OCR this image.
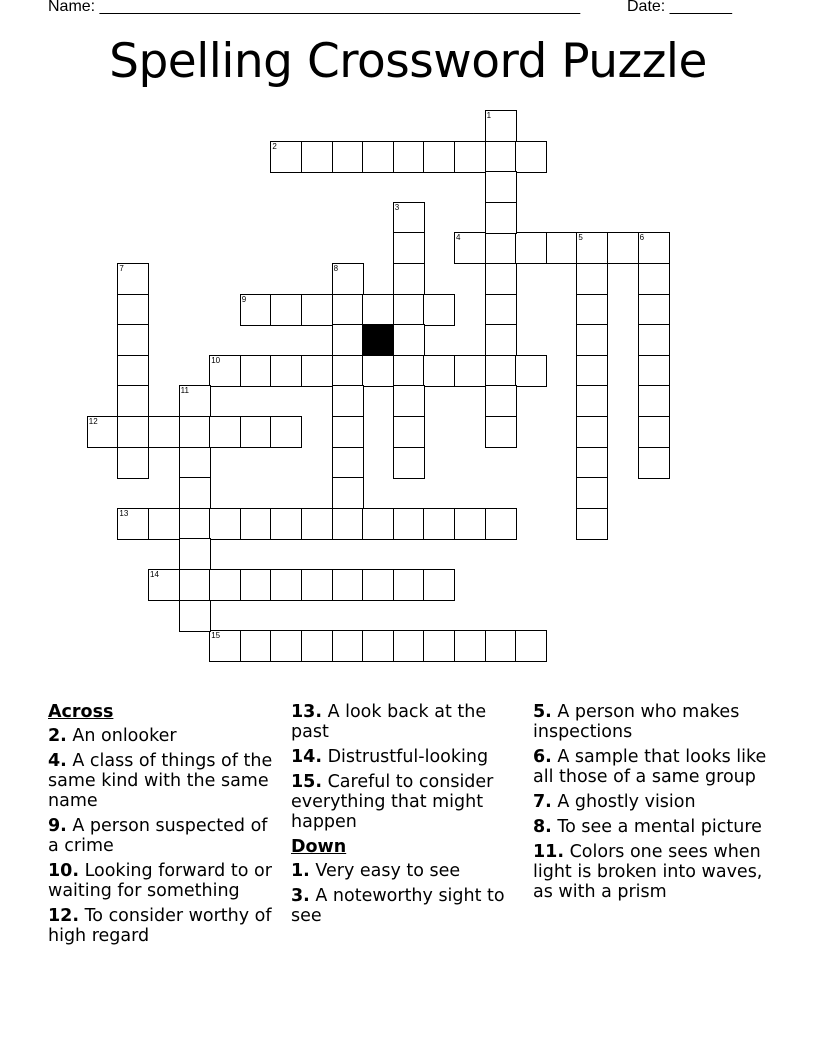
Name: ______________________________________________________	Date: _______
Spelling Crossword Puzzle
2
4	5	6
9
10
12
13
14
15
1
3
7	8
11
Across
2. An onlooker
4. A class of things of the same kind with the same name
9. A person suspected of a crime
10. Looking forward to or waiting for something
12. To consider worthy of high regard
13. A look back at the past
14. Distrustful-looking
15. Careful to consider everything that might happen
Down
1. Very easy to see
3. A noteworthy sight to see
5. A person who makes inspections
6. A sample that looks like all those of a same group
7. A ghostly vision
8. To see a mental picture
11. Colors one sees when light is broken into waves, as with a prism
